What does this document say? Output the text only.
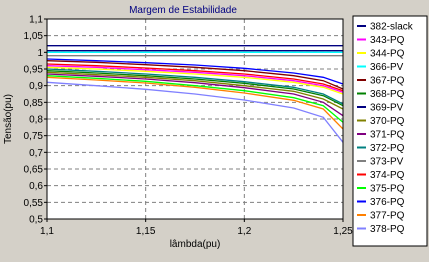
Margem de Estabilidade
0,5
0,55
0,6
0,65
0,7
0,75
0,8
0,85
0,9
0,95
1
1,05
1,1
1,1	1,15	1,2	1,25
Tensão(pu)
lâmbda(pu)
382-slack
343-PQ
344-PQ
366-PV
367-PQ
368-PQ
369-PV
370-PQ
371-PQ
372-PQ
373-PV
374-PQ
375-PQ
376-PQ
377-PQ
378-PQ
